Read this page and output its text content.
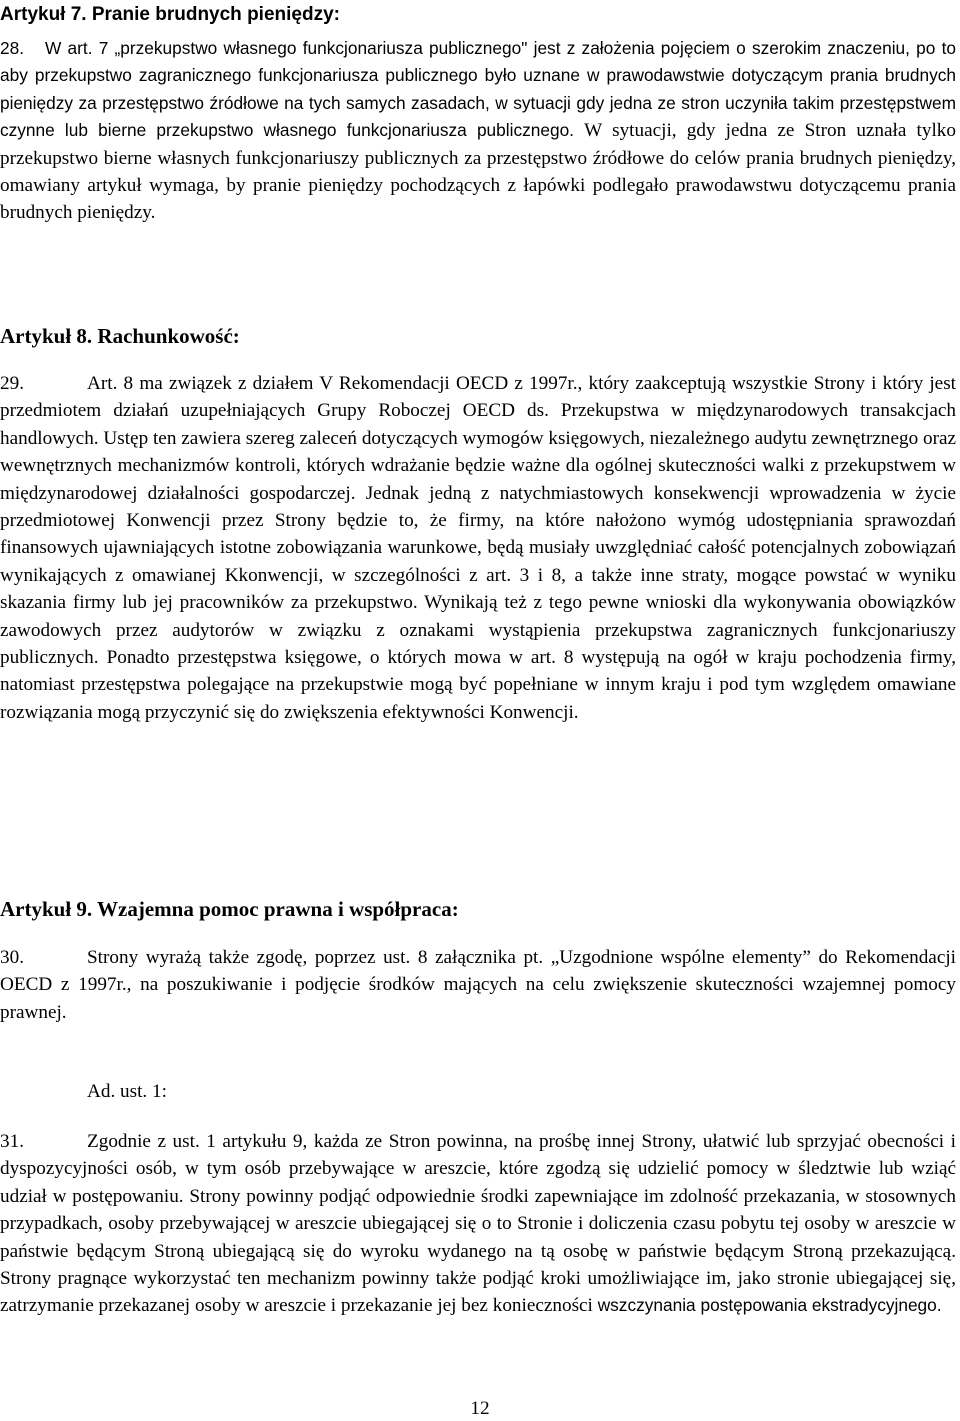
Artykuł 7. Pranie brudnych pieniędzy:
28. W art. 7 „przekupstwo własnego funkcjonariusza publicznego" jest z założenia pojęciem o szerokim znaczeniu, po to aby przekupstwo zagranicznego funkcjonariusza publicznego było uznane w prawodawstwie dotyczącym prania brudnych pieniędzy za przestępstwo źródłowe na tych samych zasadach, w sytuacji gdy jedna ze stron uczyniła takim przestępstwem czynne lub bierne przekupstwo własnego funkcjonariusza publicznego. W sytuacji, gdy jedna ze Stron uznała tylko przekupstwo bierne własnych funkcjonariuszy publicznych za przestępstwo źródłowe do celów prania brudnych pieniędzy, omawiany artykuł wymaga, by pranie pieniędzy pochodzących z łapówki podlegało prawodawstwu dotyczącemu prania brudnych pieniędzy.
Artykuł 8. Rachunkowość:
29.	Art. 8 ma związek z działem V Rekomendacji OECD z 1997r., który zaakceptują wszystkie Strony i który jest przedmiotem działań uzupełniających Grupy Roboczej OECD ds. Przekupstwa w międzynarodowych transakcjach handlowych. Ustęp ten zawiera szereg zaleceń dotyczących wymogów księgowych, niezależnego audytu zewnętrznego oraz wewnętrznych mechanizmów kontroli, których wdrażanie będzie ważne dla ogólnej skuteczności walki z przekupstwem w międzynarodowej działalności gospodarczej. Jednak jedną z natychmiastowych konsekwencji wprowadzenia w życie przedmiotowej Konwencji przez Strony będzie to, że firmy, na które nałożono wymóg udostępniania sprawozdań finansowych ujawniających istotne zobowiązania warunkowe, będą musiały uwzględniać całość potencjalnych zobowiązań wynikających z omawianej Kkonwencji, w szczególności z art. 3 i 8, a także inne straty, mogące powstać w wyniku skazania firmy lub jej pracowników za przekupstwo. Wynikają też z tego pewne wnioski dla wykonywania obowiązków zawodowych przez audytorów w związku z oznakami wystąpienia przekupstwa zagranicznych funkcjonariuszy publicznych. Ponadto przestępstwa księgowe, o których mowa w art. 8 występują na ogół w kraju pochodzenia firmy, natomiast przestępstwa polegające na przekupstwie mogą być popełniane w innym kraju i pod tym względem omawiane rozwiązania mogą przyczynić się do zwiększenia efektywności Konwencji.
Artykuł 9. Wzajemna pomoc prawna i współpraca:
30.	Strony wyrażą także zgodę, poprzez ust. 8 załącznika pt. „Uzgodnione wspólne elementy” do Rekomendacji OECD z 1997r., na poszukiwanie i podjęcie środków mających na celu zwiększenie skuteczności wzajemnej pomocy prawnej.
Ad. ust. 1:
31.	Zgodnie z ust. 1 artykułu 9, każda ze Stron powinna, na prośbę innej Strony, ułatwić lub sprzyjać obecności i dyspozycyjności osób, w tym osób przebywające w areszcie, które zgodzą się udzielić pomocy w śledztwie lub wziąć udział w postępowaniu. Strony powinny podjąć odpowiednie środki zapewniające im zdolność przekazania, w stosownych przypadkach, osoby przebywającej w areszcie ubiegającej się o to Stronie i doliczenia czasu pobytu tej osoby w areszcie w państwie będącym Stroną ubiegającą się do wyroku wydanego na tą osobę w państwie będącym Stroną przekazującą. Strony pragnące wykorzystać ten mechanizm powinny także podjąć kroki umożliwiające im, jako stronie ubiegającej się, zatrzymanie przekazanej osoby w areszcie i przekazanie jej bez konieczności wszczynania postępowania ekstradycyjnego.
12
